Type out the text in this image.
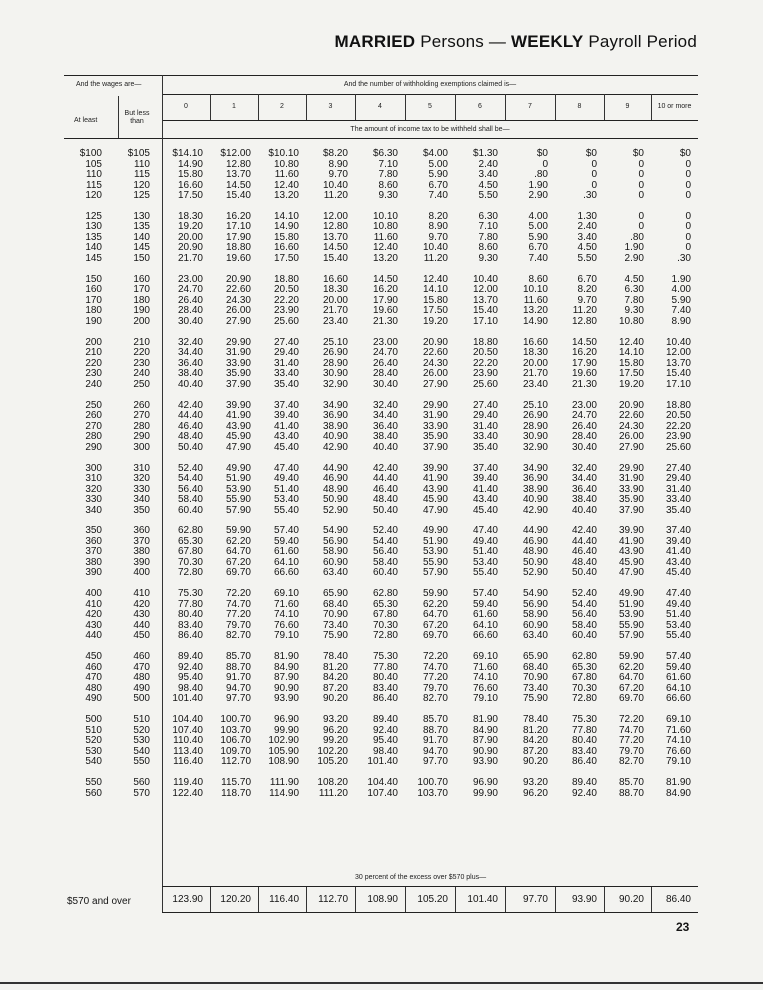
MARRIED Persons — WEEKLY Payroll Period
And the wages are—	And the number of withholding exemptions claimed is—
At least
But less than
The amount of income tax to be withheld shall be—
0	1	2	3	4	5	6	7	8	9	10 or more
$100	$105	$14.10	$12.00	$10.10	$8.20	$6.30	$4.00	$1.30	$0	$0	$0	$0
105	110	14.90	12.80	10.80	8.90	7.10	5.00	2.40	0	0	0	0
110	115	15.80	13.70	11.60	9.70	7.80	5.90	3.40	.80	0	0	0
115	120	16.60	14.50	12.40	10.40	8.60	6.70	4.50	1.90	0	0	0
120	125	17.50	15.40	13.20	11.20	9.30	7.40	5.50	2.90	.30	0	0
125	130	18.30	16.20	14.10	12.00	10.10	8.20	6.30	4.00	1.30	0	0
130	135	19.20	17.10	14.90	12.80	10.80	8.90	7.10	5.00	2.40	0	0
135	140	20.00	17.90	15.80	13.70	11.60	9.70	7.80	5.90	3.40	.80	0
140	145	20.90	18.80	16.60	14.50	12.40	10.40	8.60	6.70	4.50	1.90	0
145	150	21.70	19.60	17.50	15.40	13.20	11.20	9.30	7.40	5.50	2.90	.30
150	160	23.00	20.90	18.80	16.60	14.50	12.40	10.40	8.60	6.70	4.50	1.90
160	170	24.70	22.60	20.50	18.30	16.20	14.10	12.00	10.10	8.20	6.30	4.00
170	180	26.40	24.30	22.20	20.00	17.90	15.80	13.70	11.60	9.70	7.80	5.90
180	190	28.40	26.00	23.90	21.70	19.60	17.50	15.40	13.20	11.20	9.30	7.40
190	200	30.40	27.90	25.60	23.40	21.30	19.20	17.10	14.90	12.80	10.80	8.90
200	210	32.40	29.90	27.40	25.10	23.00	20.90	18.80	16.60	14.50	12.40	10.40
210	220	34.40	31.90	29.40	26.90	24.70	22.60	20.50	18.30	16.20	14.10	12.00
220	230	36.40	33.90	31.40	28.90	26.40	24.30	22.20	20.00	17.90	15.80	13.70
230	240	38.40	35.90	33.40	30.90	28.40	26.00	23.90	21.70	19.60	17.50	15.40
240	250	40.40	37.90	35.40	32.90	30.40	27.90	25.60	23.40	21.30	19.20	17.10
250	260	42.40	39.90	37.40	34.90	32.40	29.90	27.40	25.10	23.00	20.90	18.80
260	270	44.40	41.90	39.40	36.90	34.40	31.90	29.40	26.90	24.70	22.60	20.50
270	280	46.40	43.90	41.40	38.90	36.40	33.90	31.40	28.90	26.40	24.30	22.20
280	290	48.40	45.90	43.40	40.90	38.40	35.90	33.40	30.90	28.40	26.00	23.90
290	300	50.40	47.90	45.40	42.90	40.40	37.90	35.40	32.90	30.40	27.90	25.60
300	310	52.40	49.90	47.40	44.90	42.40	39.90	37.40	34.90	32.40	29.90	27.40
310	320	54.40	51.90	49.40	46.90	44.40	41.90	39.40	36.90	34.40	31.90	29.40
320	330	56.40	53.90	51.40	48.90	46.40	43.90	41.40	38.90	36.40	33.90	31.40
330	340	58.40	55.90	53.40	50.90	48.40	45.90	43.40	40.90	38.40	35.90	33.40
340	350	60.40	57.90	55.40	52.90	50.40	47.90	45.40	42.90	40.40	37.90	35.40
350	360	62.80	59.90	57.40	54.90	52.40	49.90	47.40	44.90	42.40	39.90	37.40
360	370	65.30	62.20	59.40	56.90	54.40	51.90	49.40	46.90	44.40	41.90	39.40
370	380	67.80	64.70	61.60	58.90	56.40	53.90	51.40	48.90	46.40	43.90	41.40
380	390	70.30	67.20	64.10	60.90	58.40	55.90	53.40	50.90	48.40	45.90	43.40
390	400	72.80	69.70	66.60	63.40	60.40	57.90	55.40	52.90	50.40	47.90	45.40
400	410	75.30	72.20	69.10	65.90	62.80	59.90	57.40	54.90	52.40	49.90	47.40
410	420	77.80	74.70	71.60	68.40	65.30	62.20	59.40	56.90	54.40	51.90	49.40
420	430	80.40	77.20	74.10	70.90	67.80	64.70	61.60	58.90	56.40	53.90	51.40
430	440	83.40	79.70	76.60	73.40	70.30	67.20	64.10	60.90	58.40	55.90	53.40
440	450	86.40	82.70	79.10	75.90	72.80	69.70	66.60	63.40	60.40	57.90	55.40
450	460	89.40	85.70	81.90	78.40	75.30	72.20	69.10	65.90	62.80	59.90	57.40
460	470	92.40	88.70	84.90	81.20	77.80	74.70	71.60	68.40	65.30	62.20	59.40
470	480	95.40	91.70	87.90	84.20	80.40	77.20	74.10	70.90	67.80	64.70	61.60
480	490	98.40	94.70	90.90	87.20	83.40	79.70	76.60	73.40	70.30	67.20	64.10
490	500	101.40	97.70	93.90	90.20	86.40	82.70	79.10	75.90	72.80	69.70	66.60
500	510	104.40	100.70	96.90	93.20	89.40	85.70	81.90	78.40	75.30	72.20	69.10
510	520	107.40	103.70	99.90	96.20	92.40	88.70	84.90	81.20	77.80	74.70	71.60
520	530	110.40	106.70	102.90	99.20	95.40	91.70	87.90	84.20	80.40	77.20	74.10
530	540	113.40	109.70	105.90	102.20	98.40	94.70	90.90	87.20	83.40	79.70	76.60
540	550	116.40	112.70	108.90	105.20	101.40	97.70	93.90	90.20	86.40	82.70	79.10
550	560	119.40	115.70	111.90	108.20	104.40	100.70	96.90	93.20	89.40	85.70	81.90
560	570	122.40	118.70	114.90	111.20	107.40	103.70	99.90	96.20	92.40	88.70	84.90
30 percent of the excess over $570 plus—
$570 and over	123.90	120.20	116.40	112.70	108.90	105.20	101.40	97.70	93.90	90.20	86.40
23
